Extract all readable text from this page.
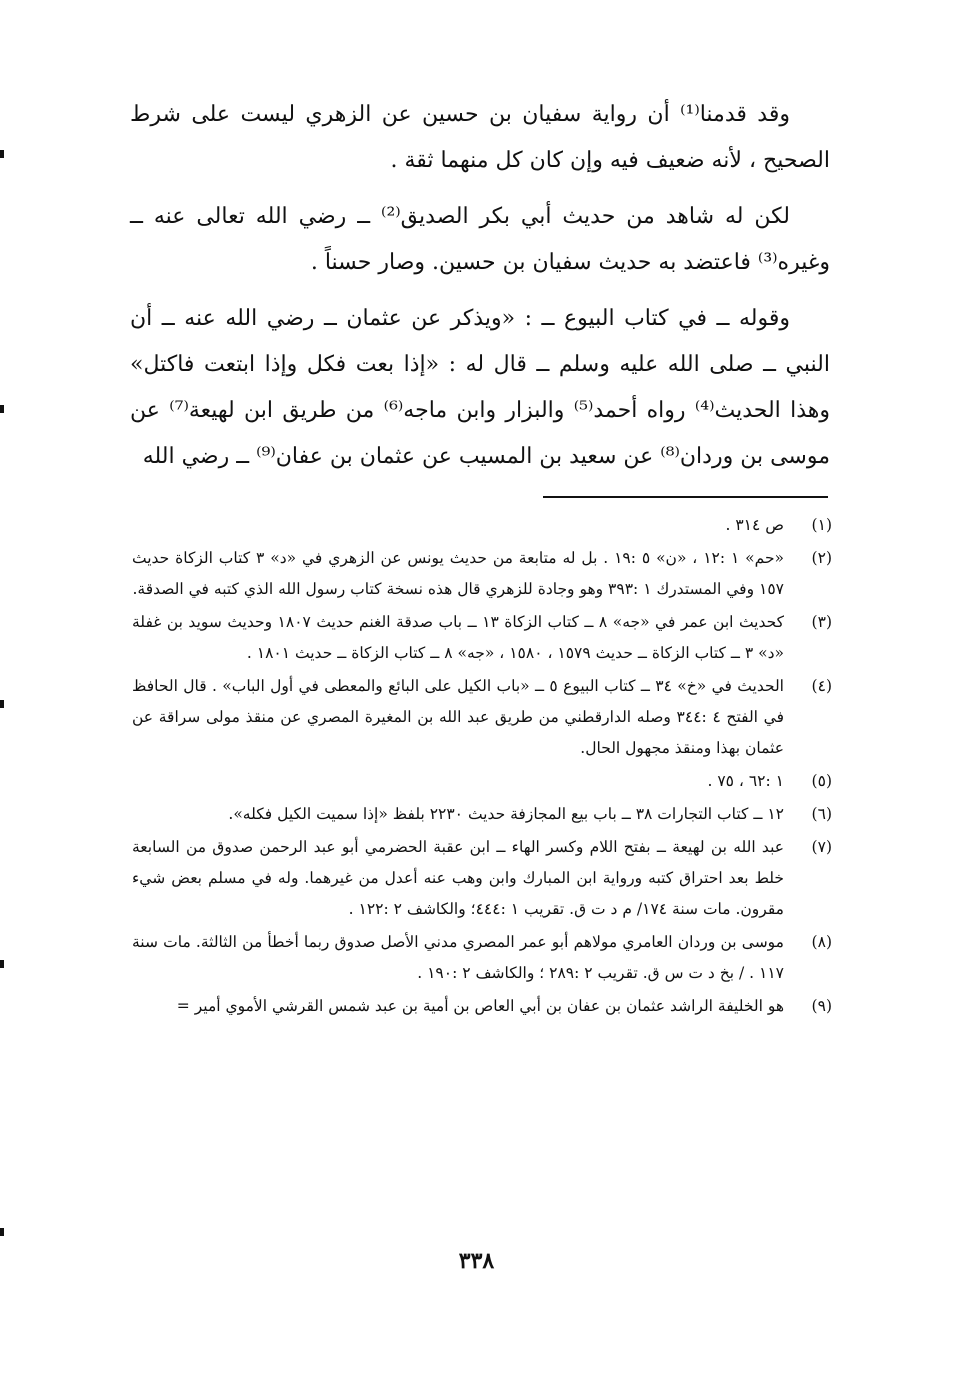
وقد قدمنا⁽¹⁾ أن رواية سفيان بن حسين عن الزهري ليست على شرط الصحيح ، لأنه ضعيف فيه وإن كان كل منهما ثقة .

لكن له شاهد من حديث أبي بكر الصديق⁽²⁾ ــ رضي الله تعالى عنه ــ وغيره⁽³⁾ فاعتضد به حديث سفيان بن حسين. وصار حسناً .

وقوله ــ في كتاب البيوع ــ : «ويذكر عن عثمان ــ رضي الله عنه ــ أن النبي ــ صلى الله عليه وسلم ــ قال له : «إذا بعت فكل وإذا ابتعت فاكتل» وهذا الحديث⁽⁴⁾ رواه أحمد⁽⁵⁾ والبزار وابن ماجه⁽⁶⁾ من طريق ابن لهيعة⁽⁷⁾ عن موسى بن وردان⁽⁸⁾ عن سعيد بن المسيب عن عثمان بن عفان⁽⁹⁾ ــ رضي الله

(١)
ص ٣١٤ .
(٢)
«حم» ١ :١٢ ، «ن» ٥ :١٩ . بل له متابعة من حديث يونس عن الزهري في «د» ٣ كتاب الزكاة حديث ١٥٧ وفي المستدرك ١ :٣٩٣ وهو وجادة للزهري قال هذه نسخة كتاب رسول الله الذي كتبه في الصدقة.
(٣)
كحديث ابن عمر في «جه» ٨ ــ كتاب الزكاة ١٣ ــ باب صدقة الغنم حديث ١٨٠٧ وحديث سويد بن غفلة «د» ٣ ــ كتاب الزكاة ــ حديث ١٥٧٩ ، ١٥٨٠ ، «جه» ٨ ــ كتاب الزكاة ــ حديث ١٨٠١ .
(٤)
الحديث في «خ» ٣٤ ــ كتاب البيوع ٥ ــ «باب الكيل على البائع والمعطى في أول الباب» . قال الحافظ في الفتح ٤ :٣٤٤ وصله الدارقطني من طريق عبد الله بن المغيرة المصري عن منقذ مولى سراقة عن عثمان بهذا ومنقذ مجهول الحال.
(٥)
١ :٦٢ ، ٧٥ .
(٦)
١٢ ــ كتاب التجارات ٣٨ ــ باب بيع المجازفة حديث ٢٢٣٠ بلفظ «إذا سميت الكيل فكله».
(٧)
عبد الله بن لهيعة ــ بفتح اللام وكسر الهاء ــ ابن عقبة الحضرمي أبو عبد الرحمن صدوق من السابعة خلط بعد احتراق كتبه ورواية ابن المبارك وابن وهب عنه أعدل من غيرهما. وله في مسلم بعض شيء مقرون. مات سنة ١٧٤/ م د ت ق. تقريب ١ :٤٤٤؛ والكاشف ٢ :١٢٢ .
(٨)
موسى بن وردان العامري مولاهم أبو عمر المصري مدني الأصل صدوق ربما أخطأ من الثالثة. مات سنة ١١٧ . / بخ د ت س ق. تقريب ٢ :٢٨٩ ؛ والكاشف ٢ :١٩٠ .
(٩)
هو الخليفة الراشد عثمان بن عفان بن أبي العاص بن أمية بن عبد شمس القرشي الأموي أمير =
٣٣٨
